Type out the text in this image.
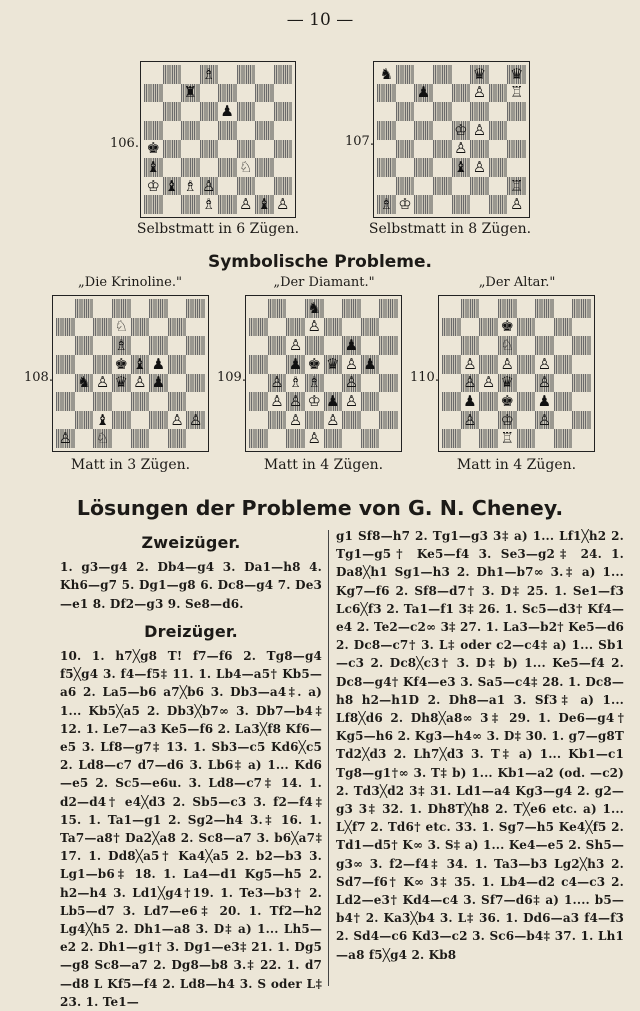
— 10 —
♗
♜
♟
♚
♝	♘
♔ ♝ ♗ ♙
♗ ♙ ♝ ♙
106.
Selbstmatt in 6 Zügen.
♞	♛ ♛
♟	♙ ♖
♔ ♙
♙
♝ ♙
♖
♗ ♔	♙
107.
Selbstmatt in 8 Zügen.
Symbolische Probleme.
„Die Krinoline."
♘
♗
♚ ♝ ♟
♞ ♙ ♛ ♙ ♟
♝	♙ ♙
♙ ♘
108.
Matt in 3 Zügen.
„Der Diamant."
♞
♙
♙	♟
♟ ♚ ♛ ♙ ♟
♙ ♗ ♗ ♙
♙ ♙ ♔ ♟ ♙
♙ ♙
♙
109.
Matt in 4 Zügen.
„Der Altar."
♚
♘
♙ ♙ ♙
♙ ♙ ♛ ♙
♟ ♚ ♟
♙ ♔ ♙
♖
110.
Matt in 4 Zügen.
Lösungen der Probleme von G. N. Cheney.
Zweizüger.
1. g3—g4 2. Db4—g4 3. Da1—h8 4. Kh6—g7 5. Dg1—g8 6. Dc8—g4 7. De3—e1 8. Df2—g3 9. Se8—d6.
Dreizüger.
10. 1. h7╳g8 T! f7—f6 2. Tg8—g4 f5╳g4 3. f4—f5‡ 11. 1. Lb4—a5† Kb5—a6 2. La5—b6 a7╳b6 3. Db3—a4‡. a) 1... Kb5╳a5 2. Db3╳b7∞ 3. Db7—b4‡ 12. 1. Le7—a3 Ke5—f6 2. La3╳f8 Kf6—e5 3. Lf8—g7‡ 13. 1. Sb3—c5 Kd6╳c5 2. Ld8—c7 d7—d6 3. Lb6‡ a) 1... Kd6—e5 2. Sc5—e6u. 3. Ld8—c7‡ 14. 1. d2—d4† e4╳d3 2. Sb5—c3 3. f2—f4‡ 15. 1. Ta1—g1 2. Sg2—h4 3.‡ 16. 1. Ta7—a8† Da2╳a8 2. Sc8—a7 3. b6╳a7‡ 17. 1. Dd8╳a5† Ka4╳a5 2. b2—b3 3. Lg1—b6‡ 18. 1. La4—d1 Kg5—h5 2. h2—h4 3. Ld1╳g4†19. 1. Te3—b3† 2. Lb5—d7 3. Ld7—e6‡ 20. 1. Tf2—h2 Lg4╳h5 2. Dh1—a8 3. D‡ a) 1... Lh5—e2 2. Dh1—g1† 3. Dg1—e3‡ 21. 1. Dg5—g8 Sc8—a7 2. Dg8—b8 3.‡ 22. 1. d7—d8 L Kf5—f4 2. Ld8—h4 3. S oder L‡ 23. 1. Te1—
g1 Sf8—h7 2. Tg1—g3 3‡ a) 1... Lf1╳h2 2. Tg1—g5† Ke5—f4 3. Se3—g2‡ 24. 1. Da8╳h1 Sg1—h3 2. Dh1—b7∞ 3.‡ a) 1... Kg7—f6 2. Sf8—d7† 3. D‡ 25. 1. Se1—f3 Lc6╳f3 2. Ta1—f1 3‡ 26. 1. Sc5—d3† Kf4—e4 2. Te2—c2∞ 3‡ 27. 1. La3—b2† Ke5—d6 2. Dc8—c7† 3. L‡ oder c2—c4‡ a) 1... Sb1—c3 2. Dc8╳c3† 3. D‡ b) 1... Ke5—f4 2. Dc8—g4† Kf4—e3 3. Sa5—c4‡ 28. 1. Dc8—h8 h2—h1D 2. Dh8—a1 3. Sf3‡ a) 1... Lf8╳d6 2. Dh8╳a8∞ 3‡ 29. 1. De6—g4† Kg5—h6 2. Kg3—h4∞ 3. D‡ 30. 1. g7—g8T Td2╳d3 2. Lh7╳d3 3. T‡ a) 1... Kb1—c1 Tg8—g1†∞ 3. T‡ b) 1... Kb1—a2 (od. —c2) 2. Td3╳d2 3‡ 31. Ld1—a4 Kg3—g4 2. g2—g3 3‡ 32. 1. Dh8T╳h8 2. T╳e6 etc. a) 1... L╳f7 2. Td6† etc. 33. 1. Sg7—h5 Ke4╳f5 2. Td1—d5† K∞ 3. S‡ a) 1... Ke4—e5 2. Sh5—g3∞ 3. f2—f4‡ 34. 1. Ta3—b3 Lg2╳h3 2. Sd7—f6† K∞ 3‡ 35. 1. Lb4—d2 c4—c3 2. Ld2—e3† Kd4—c4 3. Sf7—d6‡ a) 1.... b5—b4† 2. Ka3╳b4 3. L‡ 36. 1. Dd6—a3 f4—f3 2. Sd4—c6 Kd3—c2 3. Sc6—b4‡ 37. 1. Lh1—a8 f5╳g4 2. Kb8
